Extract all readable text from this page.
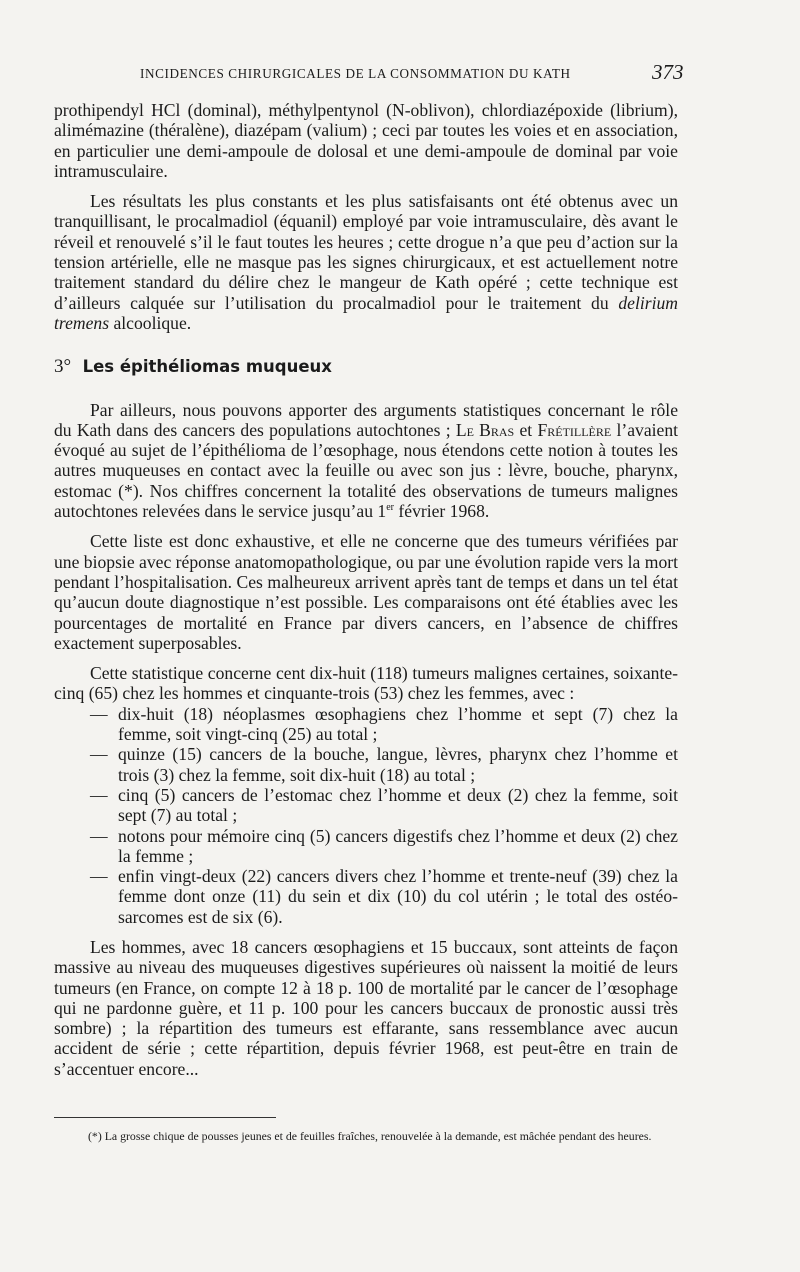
INCIDENCES CHIRURGICALES DE LA CONSOMMATION DU KATH	373

prothipendyl HCl (dominal), méthylpentynol (N-oblivon), chlordiazépoxide (librium), alimémazine (théralène), diazépam (valium) ; ceci par toutes les voies et en association, en particulier une demi-ampoule de dolosal et une demi-ampoule de dominal par voie intramusculaire.

Les résultats les plus constants et les plus satisfaisants ont été obtenus avec un tranquillisant, le procalmadiol (équanil) employé par voie intramusculaire, dès avant le réveil et renouvelé s’il le faut toutes les heures ; cette drogue n’a que peu d’action sur la tension artérielle, elle ne masque pas les signes chirurgicaux, et est actuellement notre traitement standard du délire chez le mangeur de Kath opéré ; cette technique est d’ailleurs calquée sur l’utilisation du procalmadiol pour le traitement du delirium tremens alcoolique.

3° Les épithéliomas muqueux

Par ailleurs, nous pouvons apporter des arguments statistiques concernant le rôle du Kath dans des cancers des populations autochtones ; Le Bras et Frétillère l’avaient évoqué au sujet de l’épithélioma de l’œsophage, nous étendons cette notion à toutes les autres muqueuses en contact avec la feuille ou avec son jus : lèvre, bouche, pharynx, estomac (*). Nos chiffres concernent la totalité des observations de tumeurs malignes autochtones relevées dans le service jusqu’au 1er février 1968.

Cette liste est donc exhaustive, et elle ne concerne que des tumeurs vérifiées par une biopsie avec réponse anatomopathologique, ou par une évolution rapide vers la mort pendant l’hospitalisation. Ces malheureux arrivent après tant de temps et dans un tel état qu’aucun doute diagnostique n’est possible. Les comparaisons ont été établies avec les pourcentages de mortalité en France par divers cancers, en l’absence de chiffres exactement superposables.

Cette statistique concerne cent dix-huit (118) tumeurs malignes certaines, soixante-cinq (65) chez les hommes et cinquante-trois (53) chez les femmes, avec :

— dix-huit (18) néoplasmes œsophagiens chez l’homme et sept (7) chez la femme, soit vingt-cinq (25) au total ;
— quinze (15) cancers de la bouche, langue, lèvres, pharynx chez l’homme et trois (3) chez la femme, soit dix-huit (18) au total ;
— cinq (5) cancers de l’estomac chez l’homme et deux (2) chez la femme, soit sept (7) au total ;
— notons pour mémoire cinq (5) cancers digestifs chez l’homme et deux (2) chez la femme ;
— enfin vingt-deux (22) cancers divers chez l’homme et trente-neuf (39) chez la femme dont onze (11) du sein et dix (10) du col utérin ; le total des ostéo-sarcomes est de six (6).

Les hommes, avec 18 cancers œsophagiens et 15 buccaux, sont atteints de façon massive au niveau des muqueuses digestives supérieures où naissent la moitié de leurs tumeurs (en France, on compte 12 à 18 p. 100 de mortalité par le cancer de l’œsophage qui ne pardonne guère, et 11 p. 100 pour les cancers buccaux de pronostic aussi très sombre) ; la répartition des tumeurs est effarante, sans ressemblance avec aucun accident de série ; cette répartition, depuis février 1968, est peut-être en train de s’accentuer encore...

(*) La grosse chique de pousses jeunes et de feuilles fraîches, renouvelée à la demande, est mâchée pendant des heures.
